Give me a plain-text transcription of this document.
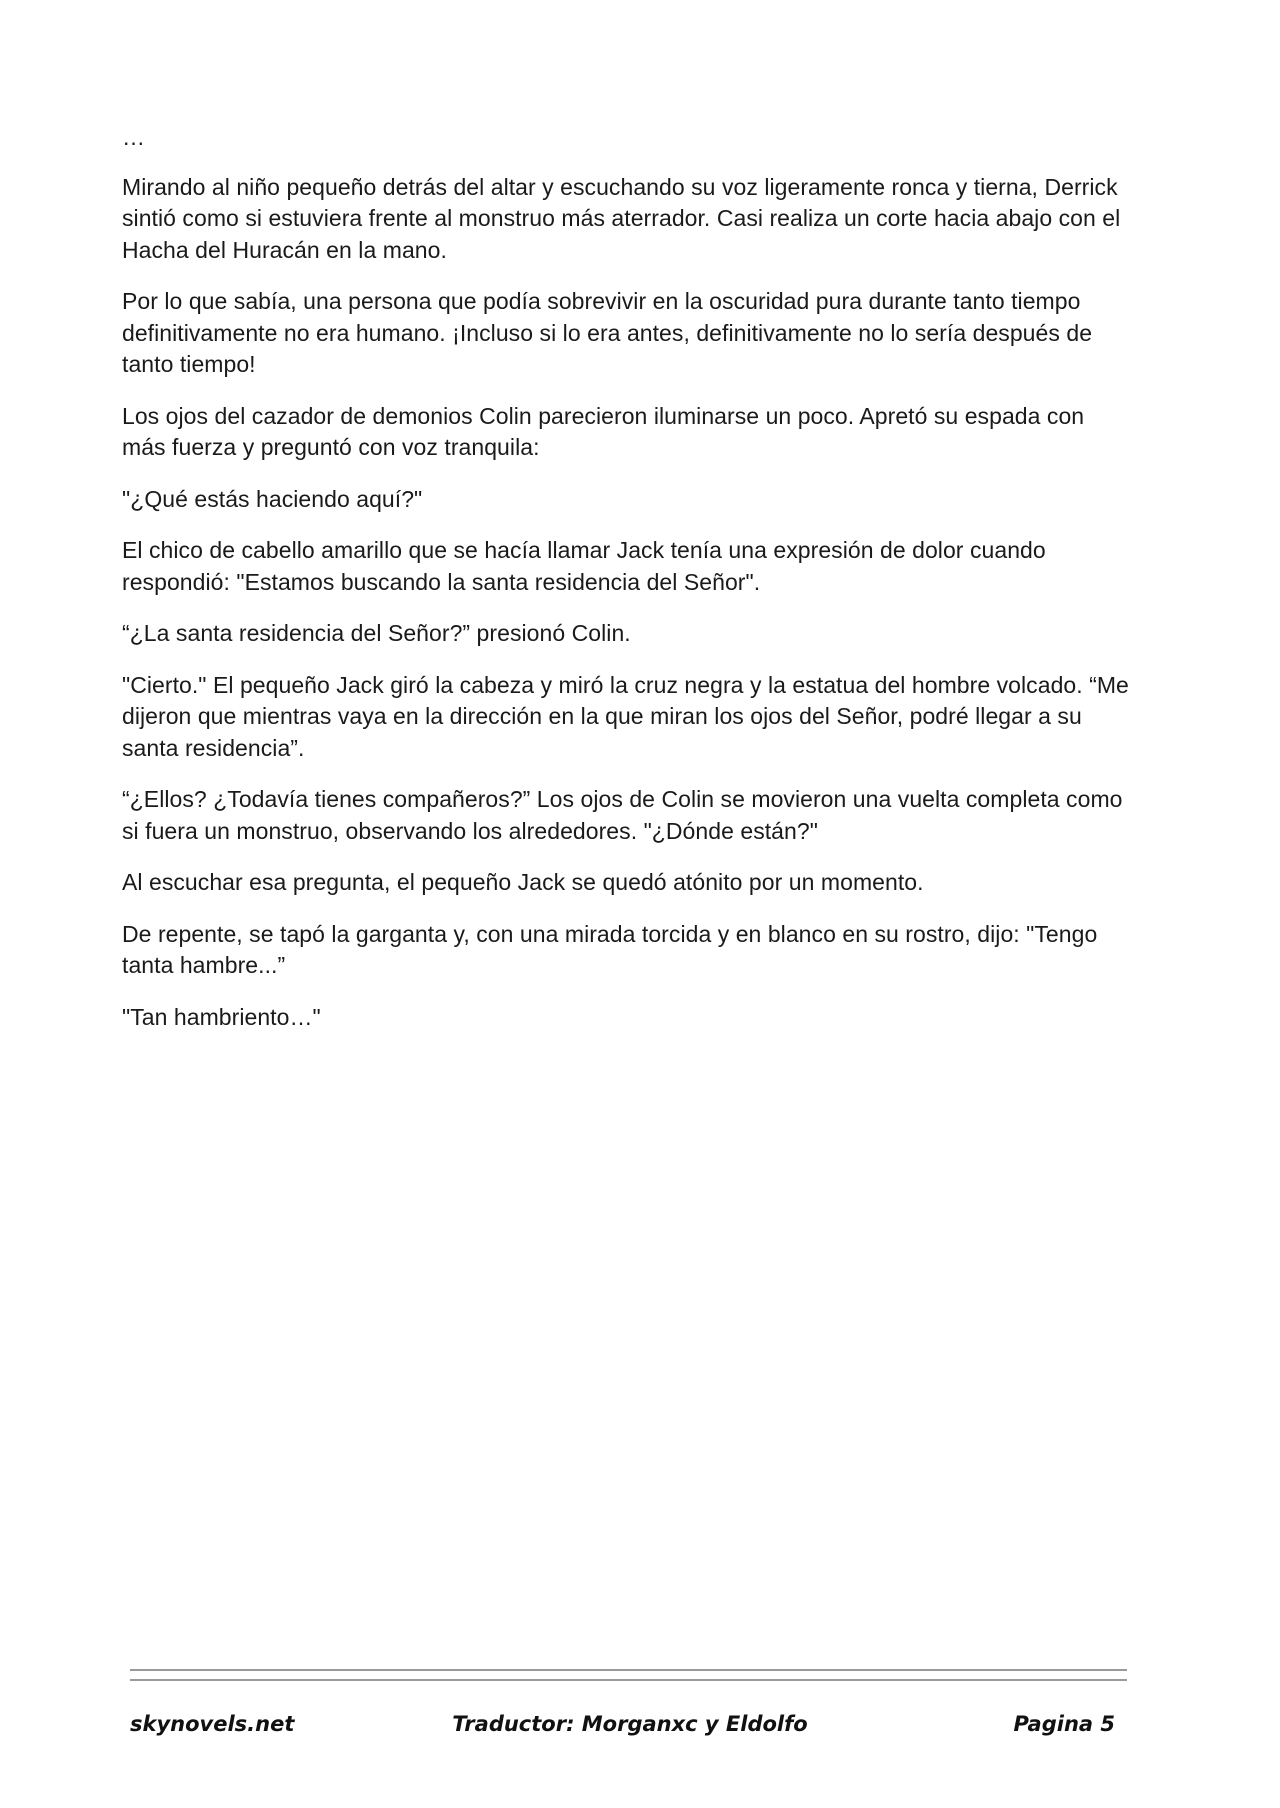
…

Mirando al niño pequeño detrás del altar y escuchando su voz ligeramente ronca y tierna, Derrick sintió como si estuviera frente al monstruo más aterrador. Casi realiza un corte hacia abajo con el Hacha del Huracán en la mano.

Por lo que sabía, una persona que podía sobrevivir en la oscuridad pura durante tanto tiempo definitivamente no era humano. ¡Incluso si lo era antes, definitivamente no lo sería después de tanto tiempo!

Los ojos del cazador de demonios Colin parecieron iluminarse un poco. Apretó su espada con más fuerza y preguntó con voz tranquila:

"¿Qué estás haciendo aquí?"

El chico de cabello amarillo que se hacía llamar Jack tenía una expresión de dolor cuando respondió: "Estamos buscando la santa residencia del Señor".

“¿La santa residencia del Señor?” presionó Colin.

"Cierto." El pequeño Jack giró la cabeza y miró la cruz negra y la estatua del hombre volcado. “Me dijeron que mientras vaya en la dirección en la que miran los ojos del Señor, podré llegar a su santa residencia”.

“¿Ellos? ¿Todavía tienes compañeros?” Los ojos de Colin se movieron una vuelta completa como si fuera un monstruo, observando los alrededores. "¿Dónde están?"

Al escuchar esa pregunta, el pequeño Jack se quedó atónito por un momento.

De repente, se tapó la garganta y, con una mirada torcida y en blanco en su rostro, dijo: "Tengo tanta hambre...”

"Tan hambriento…"

skynovels.net	Traductor: Morganxc y Eldolfo	Pagina 5
